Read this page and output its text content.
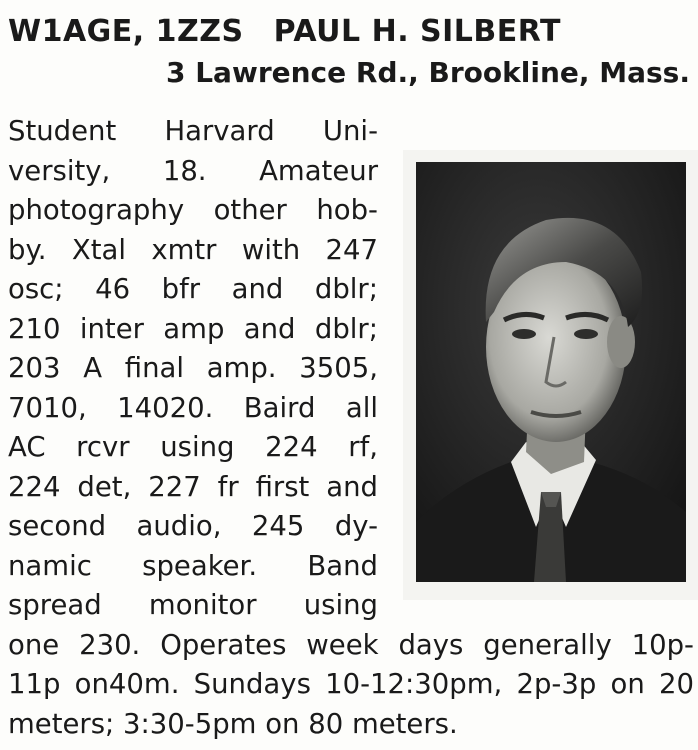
W1AGE, 1ZZS PAUL H. SILBERT
3 Lawrence Rd., Brookline, Mass.
Student Harvard Uni-
versity, 18. Amateur
photography other hob-
by. Xtal xmtr with 247
osc; 46 bfr and dblr;
210 inter amp and dblr;
203 A final amp. 3505,
7010, 14020. Baird all
AC rcvr using 224 rf,
224 det, 227 fr first and
second audio, 245 dy-
namic speaker. Band
spread monitor using
one 230. Operates week days generally 10p-
11p on40m. Sundays 10-12:30pm, 2p-3p on 20
meters; 3:30-5pm on 80 meters.
